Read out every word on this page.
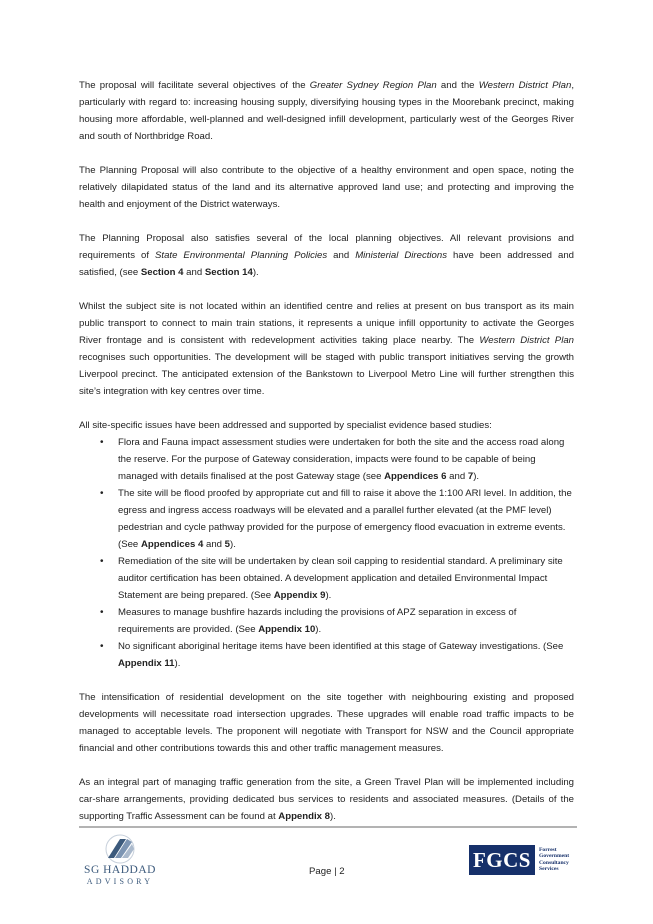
The proposal will facilitate several objectives of the Greater Sydney Region Plan and the Western District Plan, particularly with regard to: increasing housing supply, diversifying housing types in the Moorebank precinct, making housing more affordable, well-planned and well-designed infill development, particularly west of the Georges River and south of Northbridge Road.

The Planning Proposal will also contribute to the objective of a healthy environment and open space, noting the relatively dilapidated status of the land and its alternative approved land use; and protecting and improving the health and enjoyment of the District waterways.

The Planning Proposal also satisfies several of the local planning objectives. All relevant provisions and requirements of State Environmental Planning Policies and Ministerial Directions have been addressed and satisfied, (see Section 4 and Section 14).

Whilst the subject site is not located within an identified centre and relies at present on bus transport as its main public transport to connect to main train stations, it represents a unique infill opportunity to activate the Georges River frontage and is consistent with redevelopment activities taking place nearby. The Western District Plan recognises such opportunities. The development will be staged with public transport initiatives serving the growth Liverpool precinct. The anticipated extension of the Bankstown to Liverpool Metro Line will further strengthen this site’s integration with key centres over time.

All site-specific issues have been addressed and supported by specialist evidence based studies:

• Flora and Fauna impact assessment studies were undertaken for both the site and the access road along the reserve. For the purpose of Gateway consideration, impacts were found to be capable of being managed with details finalised at the post Gateway stage (see Appendices 6 and 7).
• The site will be flood proofed by appropriate cut and fill to raise it above the 1:100 ARI level. In addition, the egress and ingress access roadways will be elevated and a parallel further elevated (at the PMF level) pedestrian and cycle pathway provided for the purpose of emergency flood evacuation in extreme events. (See Appendices 4 and 5).
• Remediation of the site will be undertaken by clean soil capping to residential standard. A preliminary site auditor certification has been obtained. A development application and detailed Environmental Impact Statement are being prepared. (See Appendix 9).
• Measures to manage bushfire hazards including the provisions of APZ separation in excess of requirements are provided. (See Appendix 10).
• No significant aboriginal heritage items have been identified at this stage of Gateway investigations. (See Appendix 11).

The intensification of residential development on the site together with neighbouring existing and proposed developments will necessitate road intersection upgrades. These upgrades will enable road traffic impacts to be managed to acceptable levels. The proponent will negotiate with Transport for NSW and the Council appropriate financial and other contributions towards this and other traffic management measures.

As an integral part of managing traffic generation from the site, a Green Travel Plan will be implemented including car-share arrangements, providing dedicated bus services to residents and associated measures. (Details of the supporting Traffic Assessment can be found at Appendix 8).

SG HADDAD
ADVISORY
Page | 2	FGCS	Forrest
Government
Consultancy
Services
